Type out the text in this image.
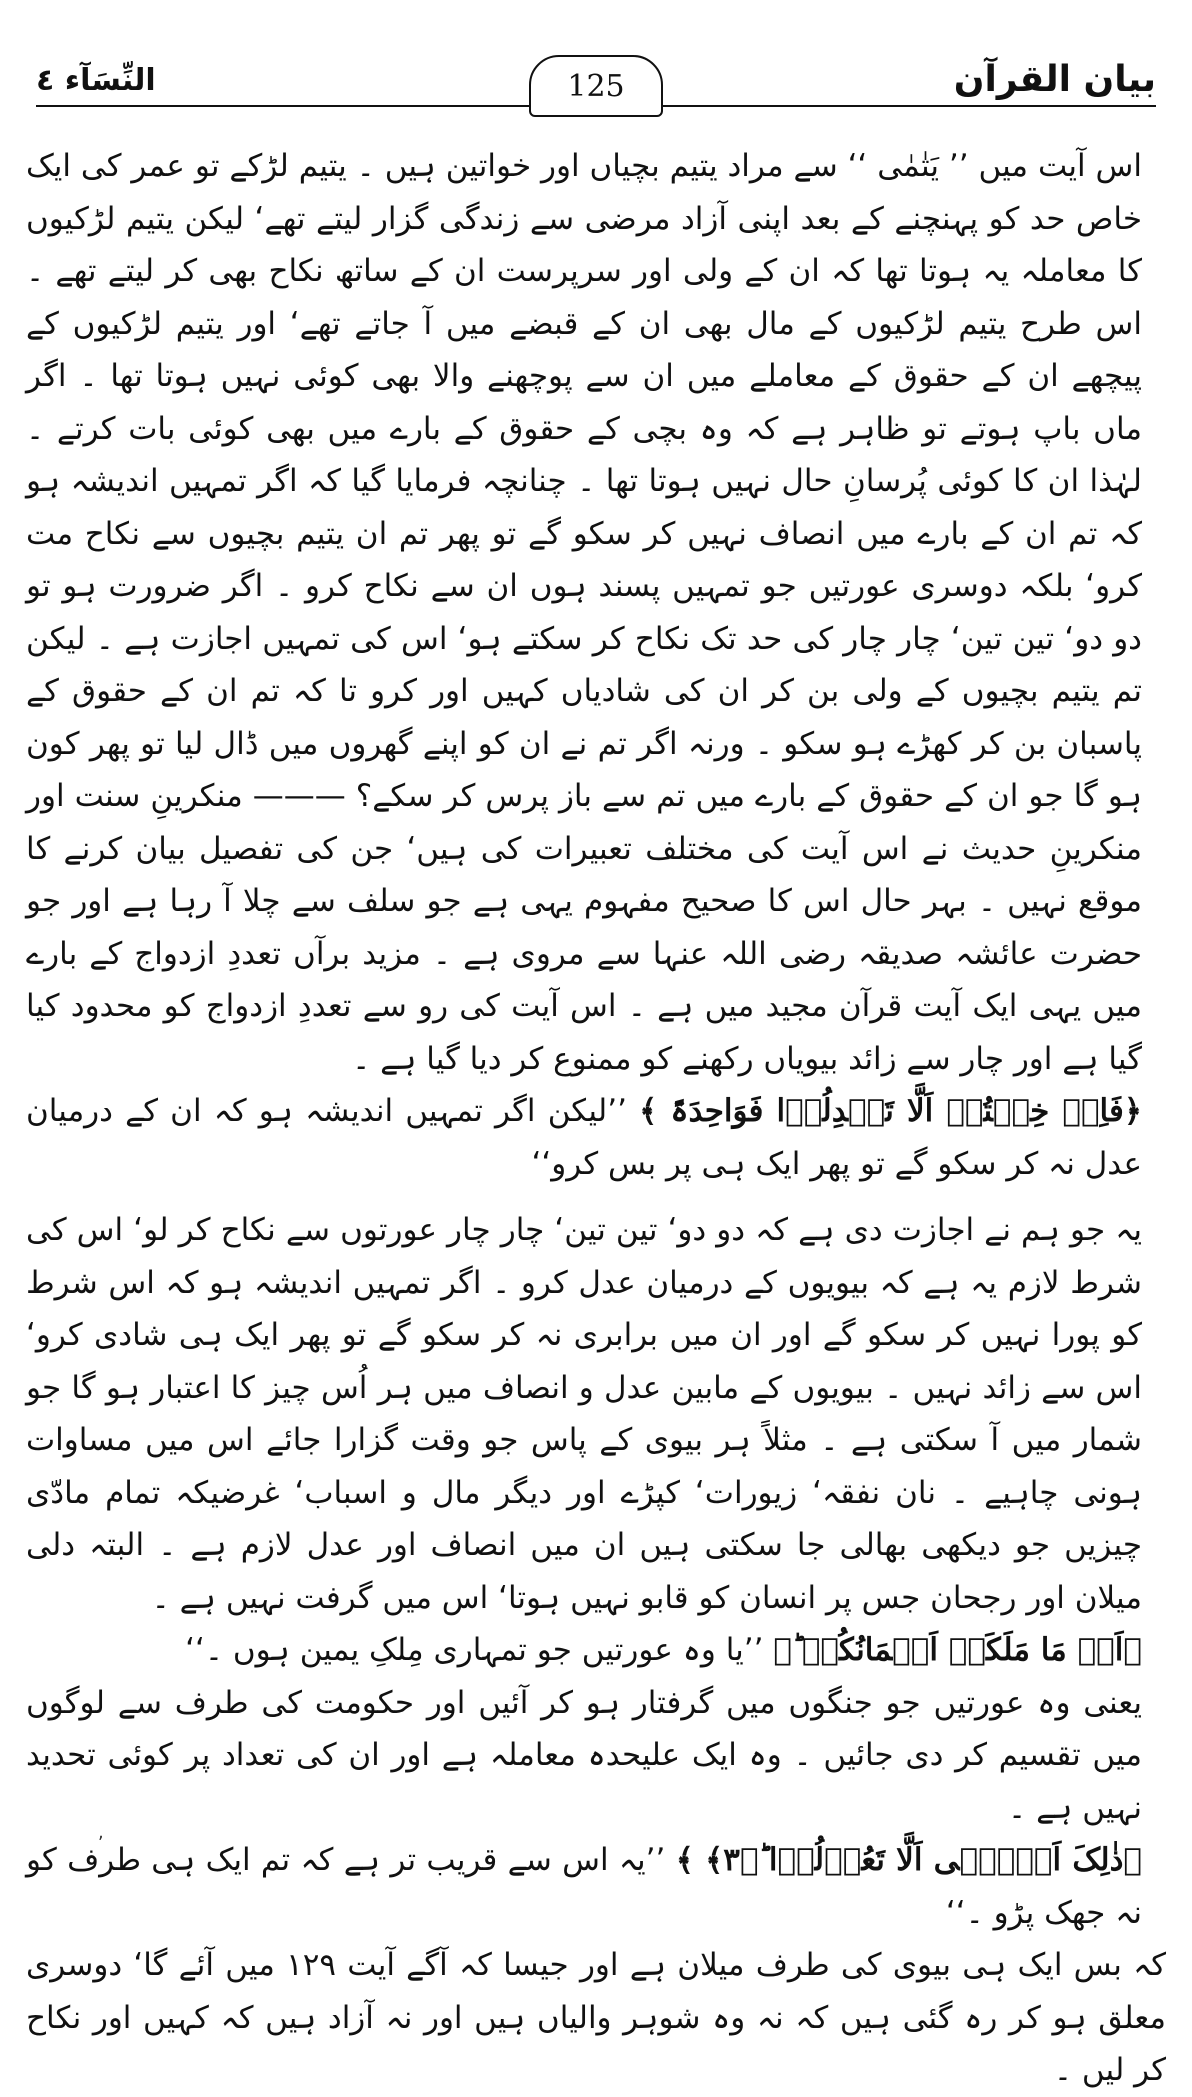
النِّسَآء ٤	125	بیان القرآن

اس آیت میں ’’ یَتٰمٰی ‘‘ سے مراد یتیم بچیاں اور خواتین ہیں ۔ یتیم لڑکے تو عمر کی ایک خاص حد کو پہنچنے کے بعد اپنی آزاد مرضی سے زندگی گزار لیتے تھے‘ لیکن یتیم لڑکیوں کا معاملہ یہ ہوتا تھا کہ ان کے ولی اور سرپرست ان کے ساتھ نکاح بھی کر لیتے تھے ۔ اس طرح یتیم لڑکیوں کے مال بھی ان کے قبضے میں آ جاتے تھے‘ اور یتیم لڑکیوں کے پیچھے ان کے حقوق کے معاملے میں ان سے پوچھنے والا بھی کوئی نہیں ہوتا تھا ۔ اگر ماں باپ ہوتے تو ظاہر ہے کہ وہ بچی کے حقوق کے بارے میں بھی کوئی بات کرتے ۔ لہٰذا ان کا کوئی پُرسانِ حال نہیں ہوتا تھا ۔ چنانچہ فرمایا گیا کہ اگر تمہیں اندیشہ ہو کہ تم ان کے بارے میں انصاف نہیں کر سکو گے تو پھر تم ان یتیم بچیوں سے نکاح مت کرو‘ بلکہ دوسری عورتیں جو تمہیں پسند ہوں ان سے نکاح کرو ۔ اگر ضرورت ہو تو دو دو‘ تین تین‘ چار چار کی حد تک نکاح کر سکتے ہو‘ اس کی تمہیں اجازت ہے ۔ لیکن تم یتیم بچیوں کے ولی بن کر ان کی شادیاں کہیں اور کرو تا کہ تم ان کے حقوق کے پاسبان بن کر کھڑے ہو سکو ۔ ورنہ اگر تم نے ان کو اپنے گھروں میں ڈال لیا تو پھر کون ہو گا جو ان کے حقوق کے بارے میں تم سے باز پرس کر سکے؟ ——— منکرینِ سنت اور منکرینِ حدیث نے اس آیت کی مختلف تعبیرات کی ہیں‘ جن کی تفصیل بیان کرنے کا موقع نہیں ۔ بہر حال اس کا صحیح مفہوم یہی ہے جو سلف سے چلا آ رہا ہے اور جو حضرت عائشہ صدیقہ رضی اللہ عنہا سے مروی ہے ۔ مزید برآں تعددِ ازدواج کے بارے میں یہی ایک آیت قرآن مجید میں ہے ۔ اس آیت کی رو سے تعددِ ازدواج کو محدود کیا گیا ہے اور چار سے زائد بیویاں رکھنے کو ممنوع کر دیا گیا ہے ۔

﴿فَاِنۡ خِفۡتُمۡ اَلَّا تَعۡدِلُوۡا فَوَاحِدَۃً ﴾ ’’لیکن اگر تمہیں اندیشہ ہو کہ ان کے درمیان عدل نہ کر سکو گے تو پھر ایک ہی پر بس کرو‘‘

یہ جو ہم نے اجازت دی ہے کہ دو دو‘ تین تین‘ چار چار عورتوں سے نکاح کر لو‘ اس کی شرط لازم یہ ہے کہ بیویوں کے درمیان عدل کرو ۔ اگر تمہیں اندیشہ ہو کہ اس شرط کو پورا نہیں کر سکو گے اور ان میں برابری نہ کر سکو گے تو پھر ایک ہی شادی کرو‘ اس سے زائد نہیں ۔ بیویوں کے مابین عدل و انصاف میں ہر اُس چیز کا اعتبار ہو گا جو شمار میں آ سکتی ہے ۔ مثلاً ہر بیوی کے پاس جو وقت گزارا جائے اس میں مساوات ہونی چاہیے ۔ نان نفقہ‘ زیورات‘ کپڑے اور دیگر مال و اسباب‘ غرضیکہ تمام مادّی چیزیں جو دیکھی بھالی جا سکتی ہیں ان میں انصاف اور عدل لازم ہے ۔ البتہ دلی میلان اور رجحان جس پر انسان کو قابو نہیں ہوتا‘ اس میں گرفت نہیں ہے ۔

﴿اَوۡ مَا مَلَکَتۡ اَیۡمَانُکُمۡ ؕ﴾ ’’یا وہ عورتیں جو تمہاری مِلکِ یمین ہوں ۔‘‘

یعنی وہ عورتیں جو جنگوں میں گرفتار ہو کر آئیں اور حکومت کی طرف سے لوگوں میں تقسیم کر دی جائیں ۔ وہ ایک علیحدہ معاملہ ہے اور ان کی تعداد پر کوئی تحدید نہیں ہے ۔

﴿ذٰلِکَ اَدۡنٰۤی اَلَّا تَعُوۡلُوۡا ؕ﴿۳﴾ ﴾ ’’یہ اس سے قریب تر ہے کہ تم ایک ہی طرف کو نہ جھک پڑو ۔‘‘

کہ بس ایک ہی بیوی کی طرف میلان ہے اور جیسا کہ آگے آیت ۱۲۹ میں آئے گا‘ دوسری معلق ہو کر رہ گئی ہیں کہ نہ وہ شوہر والیاں ہیں اور نہ آزاد ہیں کہ کہیں اور نکاح کر لیں ۔

,
